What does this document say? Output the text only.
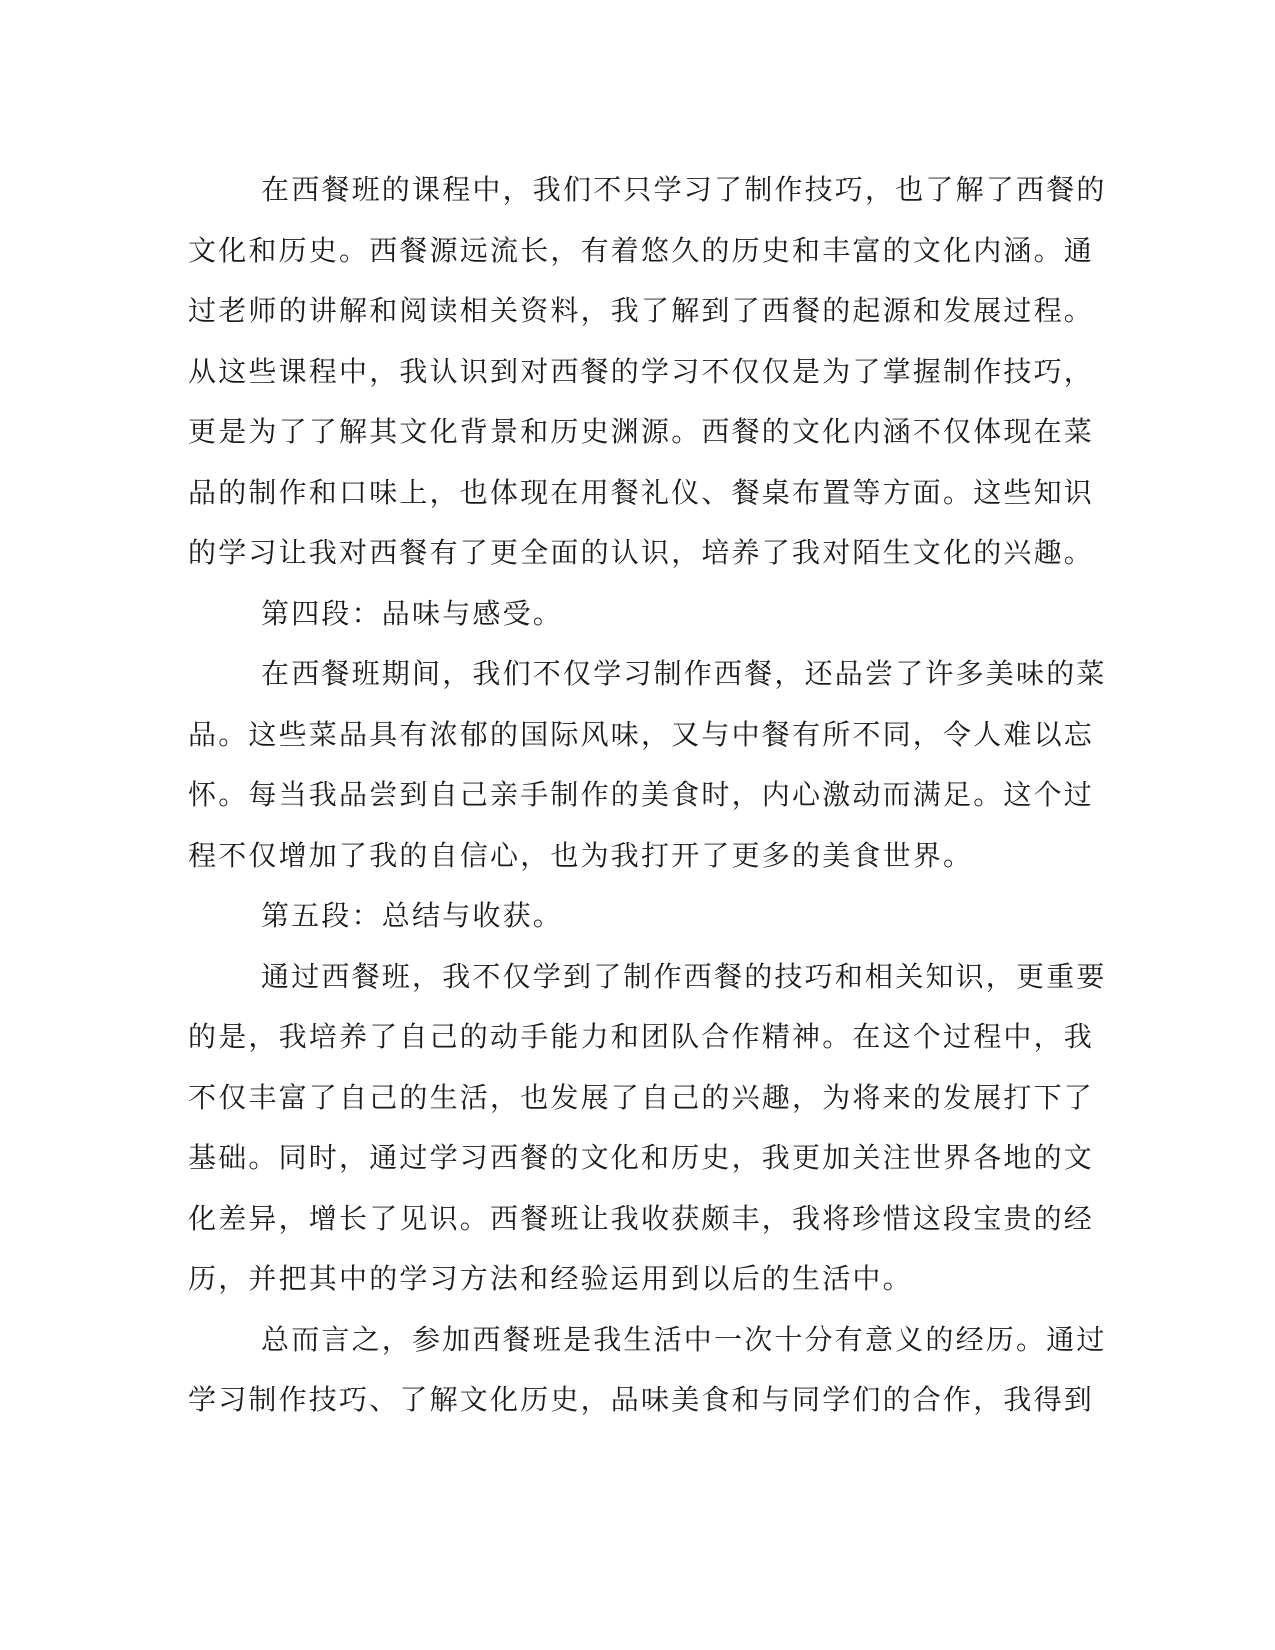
在西餐班的课程中，我们不只学习了制作技巧，也了解了西餐的
文化和历史。西餐源远流长，有着悠久的历史和丰富的文化内涵。通
过老师的讲解和阅读相关资料，我了解到了西餐的起源和发展过程。
从这些课程中，我认识到对西餐的学习不仅仅是为了掌握制作技巧，
更是为了了解其文化背景和历史渊源。西餐的文化内涵不仅体现在菜
品的制作和口味上，也体现在用餐礼仪、餐桌布置等方面。这些知识
的学习让我对西餐有了更全面的认识，培养了我对陌生文化的兴趣。
第四段：品味与感受。
在西餐班期间，我们不仅学习制作西餐，还品尝了许多美味的菜
品。这些菜品具有浓郁的国际风味，又与中餐有所不同，令人难以忘
怀。每当我品尝到自己亲手制作的美食时，内心激动而满足。这个过
程不仅增加了我的自信心，也为我打开了更多的美食世界。
第五段：总结与收获。
通过西餐班，我不仅学到了制作西餐的技巧和相关知识，更重要
的是，我培养了自己的动手能力和团队合作精神。在这个过程中，我
不仅丰富了自己的生活，也发展了自己的兴趣，为将来的发展打下了
基础。同时，通过学习西餐的文化和历史，我更加关注世界各地的文
化差异，增长了见识。西餐班让我收获颇丰，我将珍惜这段宝贵的经
历，并把其中的学习方法和经验运用到以后的生活中。
总而言之，参加西餐班是我生活中一次十分有意义的经历。通过
学习制作技巧、了解文化历史，品味美食和与同学们的合作，我得到
